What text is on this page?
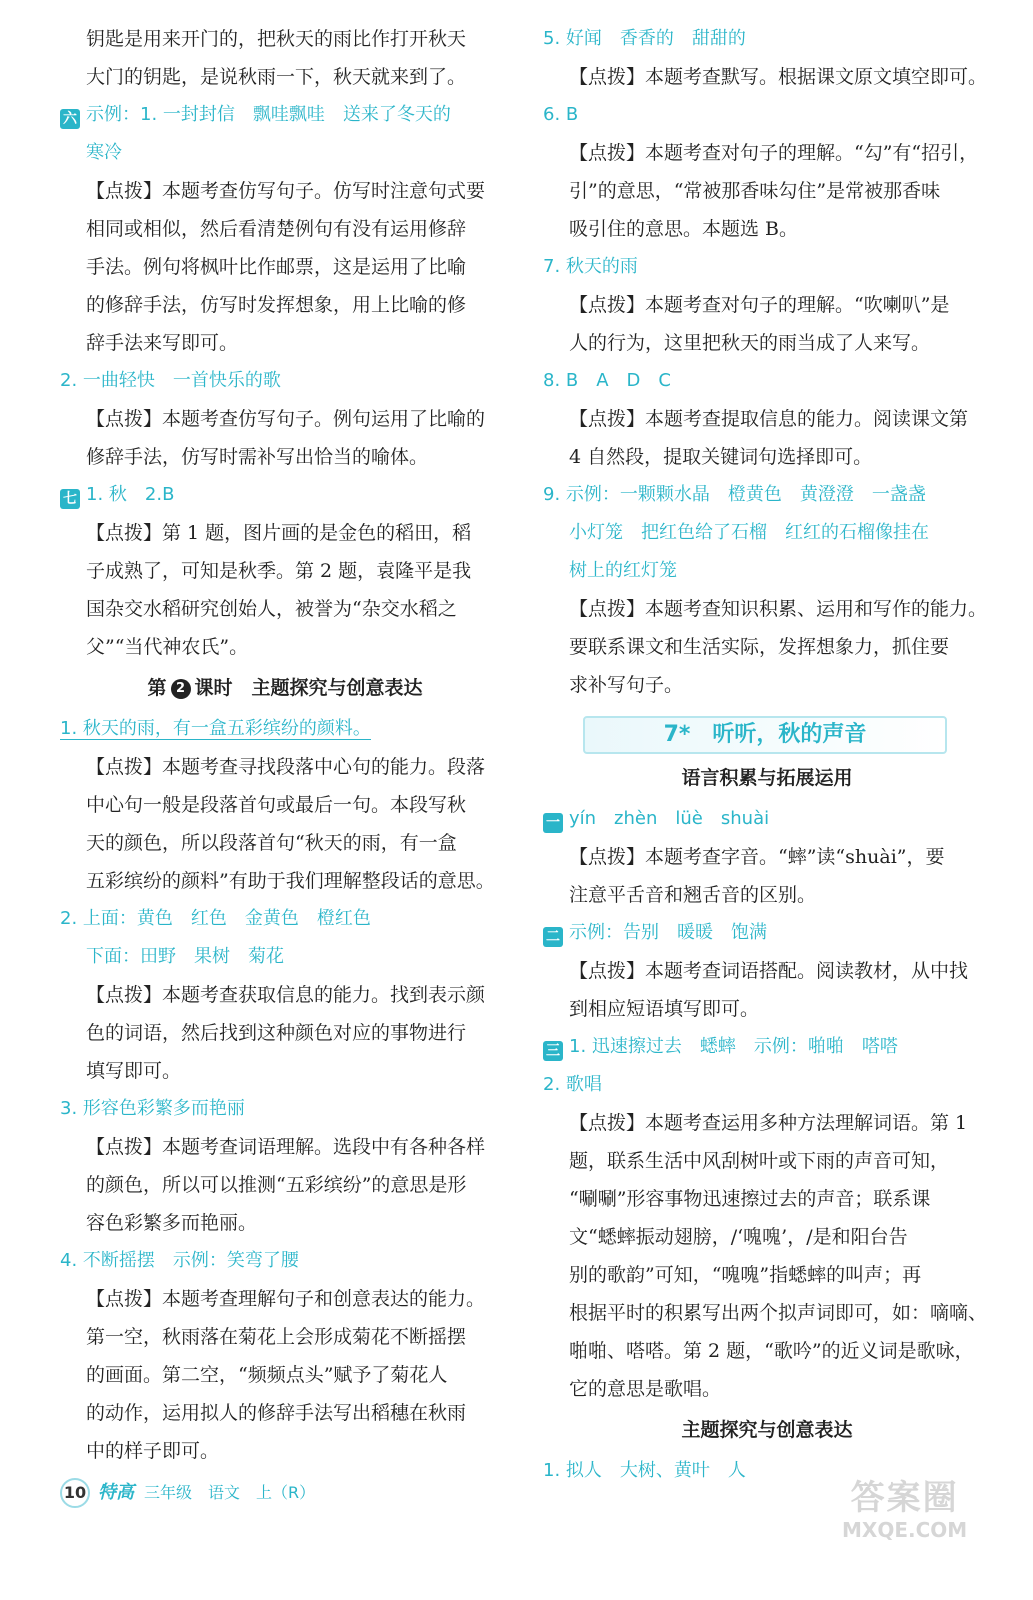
钥匙是用来开门的，把秋天的雨比作打开秋天
大门的钥匙，是说秋雨一下，秋天就来到了。
六 示例：1. 一封封信　飘哇飘哇　送来了冬天的
寒冷
【点拨】本题考查仿写句子。仿写时注意句式要
相同或相似，然后看清楚例句有没有运用修辞
手法。例句将枫叶比作邮票，这是运用了比喻
的修辞手法，仿写时发挥想象，用上比喻的修
辞手法来写即可。
2. 一曲轻快　一首快乐的歌
【点拨】本题考查仿写句子。例句运用了比喻的
修辞手法，仿写时需补写出恰当的喻体。
七 1. 秋　2.B
【点拨】第 1 题，图片画的是金色的稻田，稻
子成熟了，可知是秋季。第 2 题，袁隆平是我
国杂交水稻研究创始人，被誉为“杂交水稻之
父”“当代神农氏”。
第 2 课时　主题探究与创意表达
1. 秋天的雨，有一盒五彩缤纷的颜料。
【点拨】本题考查寻找段落中心句的能力。段落
中心句一般是段落首句或最后一句。本段写秋
天的颜色，所以段落首句“秋天的雨，有一盒
五彩缤纷的颜料”有助于我们理解整段话的意思。
2. 上面：黄色　红色　金黄色　橙红色
下面：田野　果树　菊花
【点拨】本题考查获取信息的能力。找到表示颜
色的词语，然后找到这种颜色对应的事物进行
填写即可。
3. 形容色彩繁多而艳丽
【点拨】本题考查词语理解。选段中有各种各样
的颜色，所以可以推测“五彩缤纷”的意思是形
容色彩繁多而艳丽。
4. 不断摇摆　示例：笑弯了腰
【点拨】本题考查理解句子和创意表达的能力。
第一空，秋雨落在菊花上会形成菊花不断摇摆
的画面。第二空，“频频点头”赋予了菊花人
的动作，运用拟人的修辞手法写出稻穗在秋雨
中的样子即可。
5. 好闻　香香的　甜甜的
【点拨】本题考查默写。根据课文原文填空即可。
6. B
【点拨】本题考查对句子的理解。“勾”有“招引，
引”的意思，“常被那香味勾住”是常被那香味
吸引住的意思。本题选 B。
7. 秋天的雨
【点拨】本题考查对句子的理解。“吹喇叭”是
人的行为，这里把秋天的雨当成了人来写。
8. B　A　D　C
【点拨】本题考查提取信息的能力。阅读课文第
4 自然段，提取关键词句选择即可。
9. 示例：一颗颗水晶　橙黄色　黄澄澄　一盏盏
小灯笼　把红色给了石榴　红红的石榴像挂在
树上的红灯笼
【点拨】本题考查知识积累、运用和写作的能力。
要联系课文和生活实际，发挥想象力，抓住要
求补写句子。
7*　听听，秋的声音
语言积累与拓展运用
一 yín　zhèn　lüè　shuài
【点拨】本题考查字音。“蟀”读“shuài”，要
注意平舌音和翘舌音的区别。
二 示例：告别　暖暖　饱满
【点拨】本题考查词语搭配。阅读教材，从中找
到相应短语填写即可。
三 1. 迅速擦过去　蟋蟀　示例：啪啪　嗒嗒
2. 歌唱
【点拨】本题考查运用多种方法理解词语。第 1
题，联系生活中风刮树叶或下雨的声音可知，
“唰唰”形容事物迅速擦过去的声音；联系课
文“蟋蟀振动翅膀，/‘𠺌𠺌’，/是和阳台告
别的歌韵”可知，“𠺌𠺌”指蟋蟀的叫声；再
根据平时的积累写出两个拟声词即可，如：嘀嘀、
啪啪、嗒嗒。第 2 题，“歌吟”的近义词是歌咏，
它的意思是歌唱。
主题探究与创意表达
1. 拟人　大树、黄叶　人
10 特高 三年级　语文　上（R）	答案圈
MXQE.COM
